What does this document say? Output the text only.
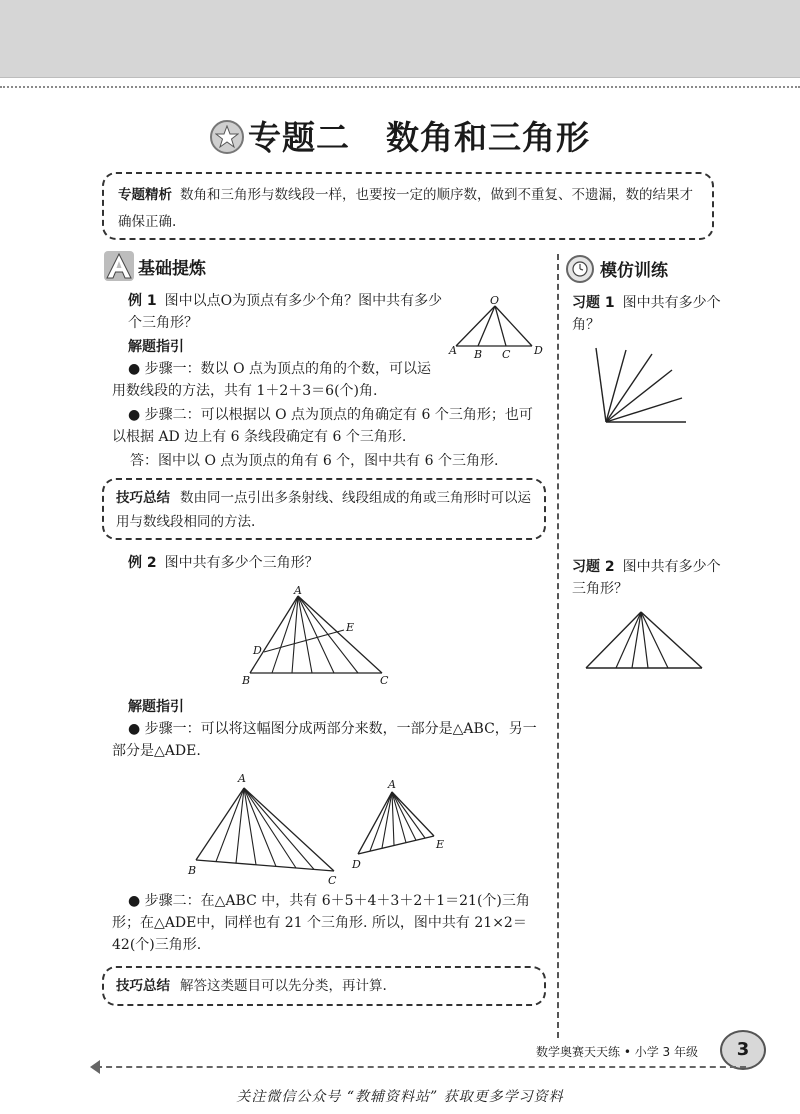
专题二 数角和三角形
专题精析 数角和三角形与数线段一样，也要按一定的顺序数，做到不重复、不遗漏，数的结果才确保正确.
基础提炼	模仿训练
例 1 图中以点O为顶点有多少个角？图中共有多少个三角形？
O
A B C D
解题指引
● 步骤一：数以 O 点为顶点的角的个数，可以运用数线段的方法，共有 1＋2＋3＝6(个)角.
● 步骤二：可以根据以 O 点为顶点的角确定有 6 个三角形；也可以根据 AD 边上有 6 条线段确定有 6 个三角形.
答：图中以 O 点为顶点的角有 6 个，图中共有 6 个三角形.
技巧总结 数由同一点引出多条射线、线段组成的角或三角形时可以运用与数线段相同的方法.
例 2 图中共有多少个三角形？
A
B	C
D
E
解题指引
● 步骤一：可以将这幅图分成两部分来数，一部分是△ABC，另一部分是△ADE.
A
B
C
A
D
E
● 步骤二：在△ABC 中，共有 6＋5＋4＋3＋2＋1＝21(个)三角形；在△ADE中，同样也有 21 个三角形. 所以，图中共有 21×2＝42(个)三角形.
技巧总结 解答这类题目可以先分类，再计算.
习题 1 图中共有多少个角？
习题 2 图中共有多少个三角形？
数学奥赛天天练 • 小学 3 年级	3
关注微信公众号 “教辅资料站” 获取更多学习资料
